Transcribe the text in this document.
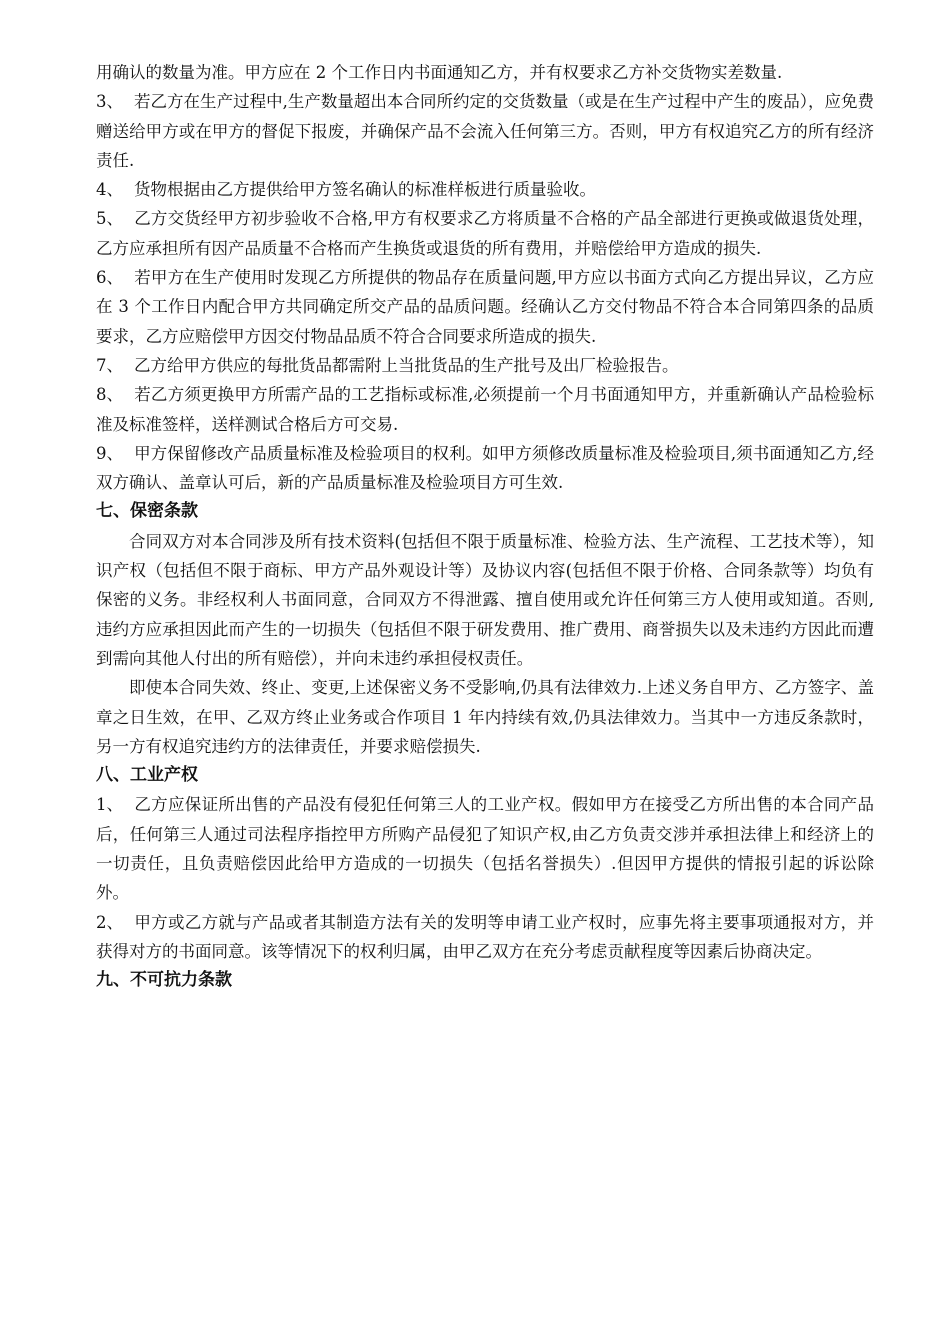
用确认的数量为准。甲方应在 2 个工作日内书面通知乙方，并有权要求乙方补交货物实差数量.

3、 若乙方在生产过程中,生产数量超出本合同所约定的交货数量（或是在生产过程中产生的废品），应免费赠送给甲方或在甲方的督促下报废，并确保产品不会流入任何第三方。否则，甲方有权追究乙方的所有经济责任.

4、 货物根据由乙方提供给甲方签名确认的标准样板进行质量验收。

5、 乙方交货经甲方初步验收不合格,甲方有权要求乙方将质量不合格的产品全部进行更换或做退货处理，乙方应承担所有因产品质量不合格而产生换货或退货的所有费用，并赔偿给甲方造成的损失.

6、 若甲方在生产使用时发现乙方所提供的物品存在质量问题,甲方应以书面方式向乙方提出异议，乙方应在 3 个工作日内配合甲方共同确定所交产品的品质问题。经确认乙方交付物品不符合本合同第四条的品质要求，乙方应赔偿甲方因交付物品品质不符合合同要求所造成的损失.

7、 乙方给甲方供应的每批货品都需附上当批货品的生产批号及出厂检验报告。

8、 若乙方须更换甲方所需产品的工艺指标或标准,必须提前一个月书面通知甲方，并重新确认产品检验标准及标准签样，送样测试合格后方可交易.

9、 甲方保留修改产品质量标准及检验项目的权利。如甲方须修改质量标准及检验项目,须书面通知乙方,经双方确认、盖章认可后，新的产品质量标准及检验项目方可生效.

七、保密条款

合同双方对本合同涉及所有技术资料(包括但不限于质量标准、检验方法、生产流程、工艺技术等），知识产权（包括但不限于商标、甲方产品外观设计等）及协议内容(包括但不限于价格、合同条款等）均负有保密的义务。非经权利人书面同意，合同双方不得泄露、擅自使用或允许任何第三方人使用或知道。否则,违约方应承担因此而产生的一切损失（包括但不限于研发费用、推广费用、商誉损失以及未违约方因此而遭到需向其他人付出的所有赔偿），并向未违约承担侵权责任。

即使本合同失效、终止、变更,上述保密义务不受影响,仍具有法律效力.上述义务自甲方、乙方签字、盖章之日生效，在甲、乙双方终止业务或合作项目 1 年内持续有效,仍具法律效力。当其中一方违反条款时，另一方有权追究违约方的法律责任，并要求赔偿损失.

八、工业产权

1、 乙方应保证所出售的产品没有侵犯任何第三人的工业产权。假如甲方在接受乙方所出售的本合同产品后，任何第三人通过司法程序指控甲方所购产品侵犯了知识产权,由乙方负责交涉并承担法律上和经济上的一切责任，且负责赔偿因此给甲方造成的一切损失（包括名誉损失）.但因甲方提供的情报引起的诉讼除外。

2、 甲方或乙方就与产品或者其制造方法有关的发明等申请工业产权时，应事先将主要事项通报对方，并获得对方的书面同意。该等情况下的权利归属，由甲乙双方在充分考虑贡献程度等因素后协商决定。

九、不可抗力条款
